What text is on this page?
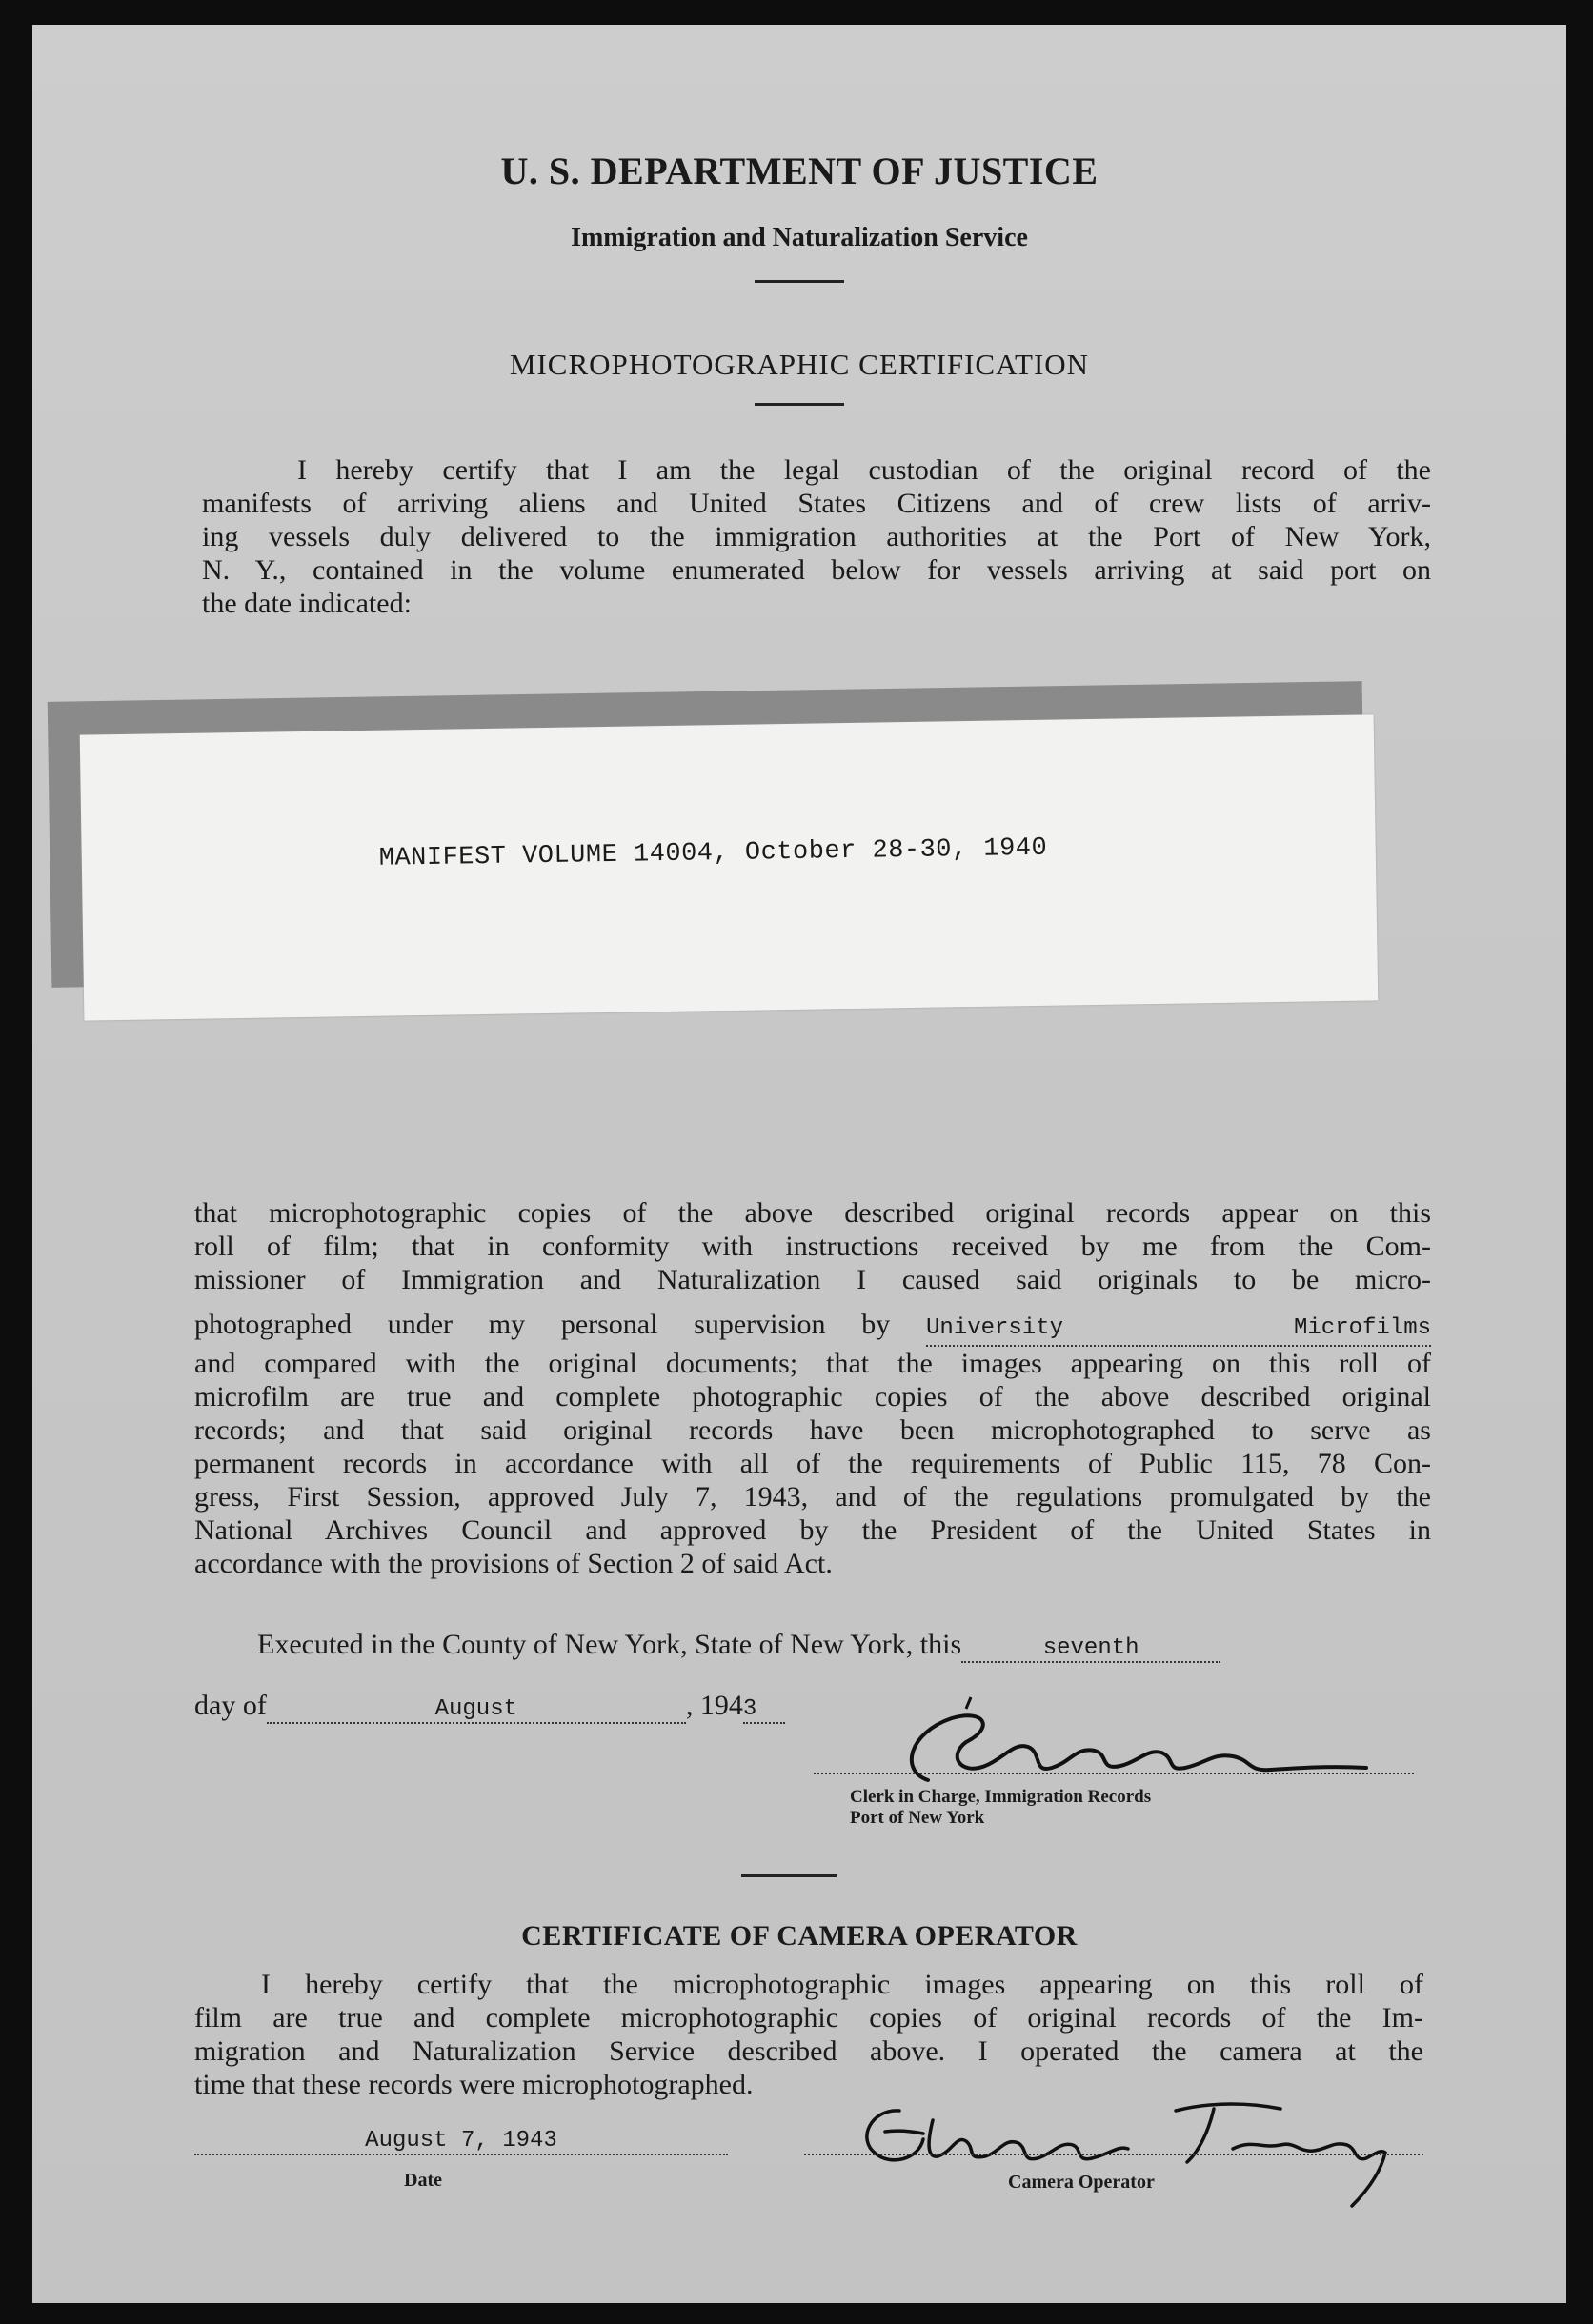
U. S. DEPARTMENT OF JUSTICE
Immigration and Naturalization Service
MICROPHOTOGRAPHIC CERTIFICATION
I hereby certify that I am the legal custodian of the original record of the
manifests of arriving aliens and United States Citizens and of crew lists of arriv-
ing vessels duly delivered to the immigration authorities at the Port of New York,
N. Y., contained in the volume enumerated below for vessels arriving at said port on
the date indicated:
MANIFEST VOLUME 14004, October 28-30, 1940
that microphotographic copies of the above described original records appear on this
roll of film; that in conformity with instructions received by me from the Com-
missioner of Immigration and Naturalization I caused said originals to be micro-
photographed under my personal supervision by University Microfilms
and compared with the original documents; that the images appearing on this roll of
microfilm are true and complete photographic copies of the above described original
records; and that said original records have been microphotographed to serve as
permanent records in accordance with all of the requirements of Public 115, 78 Con-
gress, First Session, approved July 7, 1943, and of the regulations promulgated by the
National Archives Council and approved by the President of the United States in
accordance with the provisions of Section 2 of said Act.
Executed in the County of New York, State of New York, this	seventh
day of	August	, 1943
Clerk in Charge, Immigration Records
Port of New York
CERTIFICATE OF CAMERA OPERATOR
I hereby certify that the microphotographic images appearing on this roll of
film are true and complete microphotographic copies of original records of the Im-
migration and Naturalization Service described above. I operated the camera at the
time that these records were microphotographed.
August 7, 1943
Date	Camera Operator
